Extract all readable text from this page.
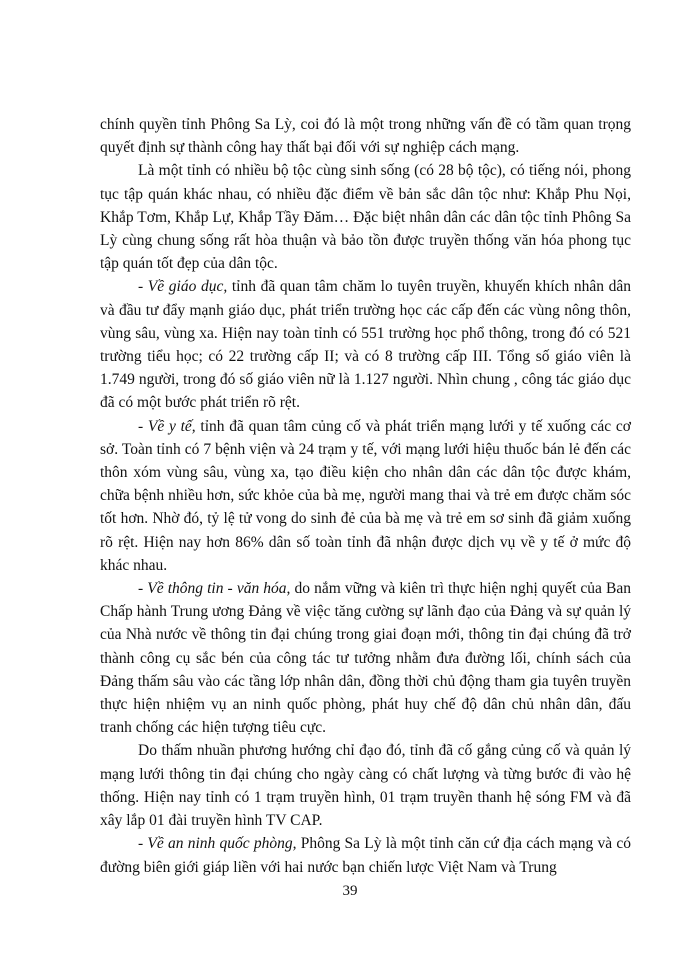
chính quyền tỉnh Phông Sa Lỳ, coi đó là một trong những vấn đề có tầm quan trọng quyết định sự thành công hay thất bại đối với sự nghiệp cách mạng.

Là một tỉnh có nhiều bộ tộc cùng sinh sống (có 28 bộ tộc), có tiếng nói, phong tục tập quán khác nhau, có nhiều đặc điểm về bản sắc dân tộc như: Khắp Phu Nọi, Khắp Tơm, Khắp Lự, Khắp Tầy Đăm… Đặc biệt nhân dân các dân tộc tỉnh Phông Sa Lỳ cùng chung sống rất hòa thuận và bảo tồn được truyền thống văn hóa phong tục tập quán tốt đẹp của dân tộc.

- Về giáo dục, tỉnh đã quan tâm chăm lo tuyên truyền, khuyến khích nhân dân và đầu tư đẩy mạnh giáo dục, phát triển trường học các cấp đến các vùng nông thôn, vùng sâu, vùng xa. Hiện nay toàn tỉnh có 551 trường học phổ thông, trong đó có 521 trường tiểu học; có 22 trường cấp II; và có 8 trường cấp III. Tổng số giáo viên là 1.749 người, trong đó số giáo viên nữ là 1.127 người. Nhìn chung , công tác giáo dục đã có một bước phát triển rõ rệt.

- Về y tế, tỉnh đã quan tâm củng cố và phát triển mạng lưới y tế xuống các cơ sở. Toàn tỉnh có 7 bệnh viện và 24 trạm y tế, với mạng lưới hiệu thuốc bán lẻ đến các thôn xóm vùng sâu, vùng xa, tạo điều kiện cho nhân dân các dân tộc được khám, chữa bệnh nhiều hơn, sức khỏe của bà mẹ, người mang thai và trẻ em được chăm sóc tốt hơn. Nhờ đó, tỷ lệ tử vong do sinh đẻ của bà mẹ và trẻ em sơ sinh đã giảm xuống rõ rệt. Hiện nay hơn 86% dân số toàn tỉnh đã nhận được dịch vụ về y tế ở mức độ khác nhau.

- Về thông tin - văn hóa, do nắm vững và kiên trì thực hiện nghị quyết của Ban Chấp hành Trung ương Đảng về việc tăng cường sự lãnh đạo của Đảng và sự quản lý của Nhà nước về thông tin đại chúng trong giai đoạn mới, thông tin đại chúng đã trở thành công cụ sắc bén của công tác tư tưởng nhằm đưa đường lối, chính sách của Đảng thấm sâu vào các tầng lớp nhân dân, đồng thời chủ động tham gia tuyên truyền thực hiện nhiệm vụ an ninh quốc phòng, phát huy chế độ dân chủ nhân dân, đấu tranh chống các hiện tượng tiêu cực.

Do thấm nhuần phương hướng chỉ đạo đó, tỉnh đã cố gắng củng cố và quản lý mạng lưới thông tin đại chúng cho ngày càng có chất lượng và từng bước đi vào hệ thống. Hiện nay tỉnh có 1 trạm truyền hình, 01 trạm truyền thanh hệ sóng FM và đã xây lắp 01 đài truyền hình TV CAP.

- Về an ninh quốc phòng, Phông Sa Lỳ là một tỉnh căn cứ địa cách mạng và có đường biên giới giáp liền với hai nước bạn chiến lược Việt Nam và Trung

39
